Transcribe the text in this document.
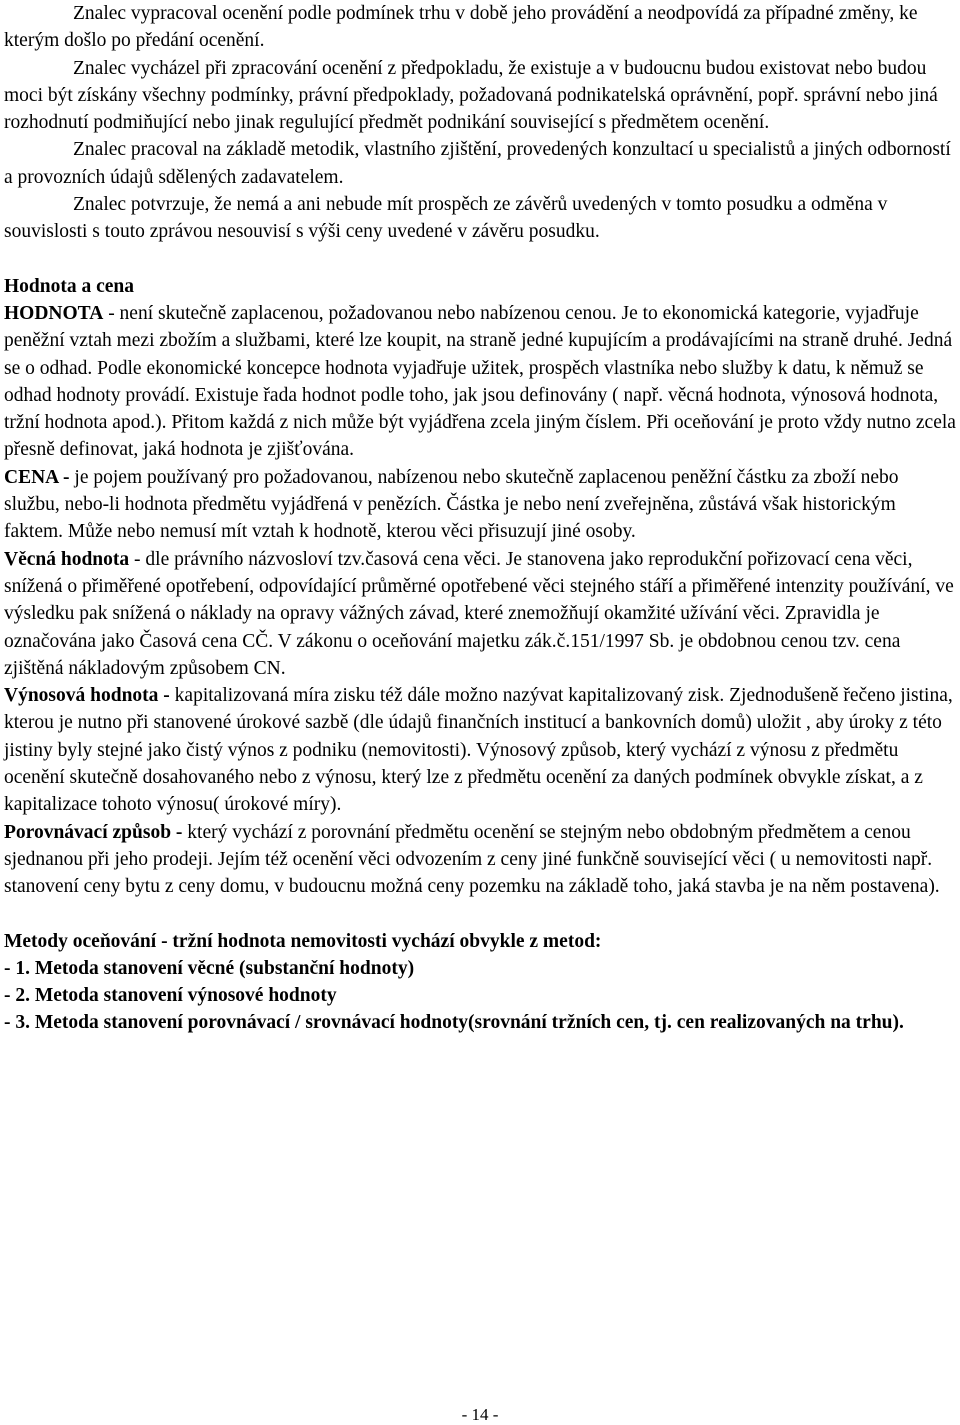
Znalec vypracoval ocenění podle podmínek trhu v době jeho provádění a neodpovídá za případné změny, ke kterým došlo po předání ocenění.

Znalec vycházel při zpracování ocenění z předpokladu, že existuje a v budoucnu budou existovat nebo budou moci být získány všechny podmínky, právní předpoklady, požadovaná podnikatelská oprávnění, popř. správní nebo jiná rozhodnutí podmiňující nebo jinak regulující předmět podnikání související s předmětem ocenění.

Znalec pracoval na základě metodik, vlastního zjištění, provedených konzultací u specialistů a jiných odborností a provozních údajů sdělených zadavatelem.

Znalec potvrzuje, že nemá a ani nebude mít prospěch ze závěrů uvedených v tomto posudku a odměna v souvislosti s touto zprávou nesouvisí s výši ceny uvedené v závěru posudku.

Hodnota a cena

HODNOTA - není skutečně zaplacenou, požadovanou nebo nabízenou cenou. Je to ekonomická kategorie, vyjadřuje peněžní vztah mezi zbožím a službami, které lze koupit, na straně jedné kupujícím a prodávajícími na straně druhé. Jedná se o odhad. Podle ekonomické koncepce hodnota vyjadřuje užitek, prospěch vlastníka nebo služby k datu, k němuž se odhad hodnoty provádí. Existuje řada hodnot podle toho, jak jsou definovány ( např. věcná hodnota, výnosová hodnota, tržní hodnota apod.). Přitom každá z nich může být vyjádřena zcela jiným číslem. Při oceňování je proto vždy nutno zcela přesně definovat, jaká hodnota je zjišťována.

CENA - je pojem používaný pro požadovanou, nabízenou nebo skutečně zaplacenou peněžní částku za zboží nebo službu, nebo-li hodnota předmětu vyjádřená v penězích. Částka je nebo není zveřejněna, zůstává však historickým faktem. Může nebo nemusí mít vztah k hodnotě, kterou věci přisuzují jiné osoby.

Věcná hodnota - dle právního názvosloví tzv.časová cena věci. Je stanovena jako reprodukční pořizovací cena věci, snížená o přiměřené opotřebení, odpovídající průměrné opotřebené věci stejného stáří a přiměřené intenzity používání, ve výsledku pak snížená o náklady na opravy vážných závad, které znemožňují okamžité užívání věci. Zpravidla je označována jako Časová cena CČ. V zákonu o oceňování majetku zák.č.151/1997 Sb. je obdobnou cenou tzv. cena zjištěná nákladovým způsobem CN.

Výnosová hodnota - kapitalizovaná míra zisku též dále možno nazývat kapitalizovaný zisk. Zjednodušeně řečeno jistina, kterou je nutno při stanovené úrokové sazbě (dle údajů finančních institucí a bankovních domů) uložit , aby úroky z této jistiny byly stejné jako čistý výnos z podniku (nemovitosti). Výnosový způsob, který vychází z výnosu z předmětu ocenění skutečně dosahovaného nebo z výnosu, který lze z předmětu ocenění za daných podmínek obvykle získat, a z kapitalizace tohoto výnosu( úrokové míry).

Porovnávací způsob - který vychází z porovnání předmětu ocenění se stejným nebo obdobným předmětem a cenou sjednanou při jeho prodeji. Jejím též ocenění věci odvozením z ceny jiné funkčně související věci ( u nemovitosti např. stanovení ceny bytu z ceny domu, v budoucnu možná ceny pozemku na základě toho, jaká stavba je na něm postavena).

Metody oceňování - tržní hodnota nemovitosti vychází obvykle z metod:

- 1. Metoda stanovení věcné (substanční hodnoty)

- 2. Metoda stanovení výnosové hodnoty

- 3. Metoda stanovení porovnávací / srovnávací hodnoty(srovnání tržních cen, tj. cen realizovaných na trhu).

- 14 -
